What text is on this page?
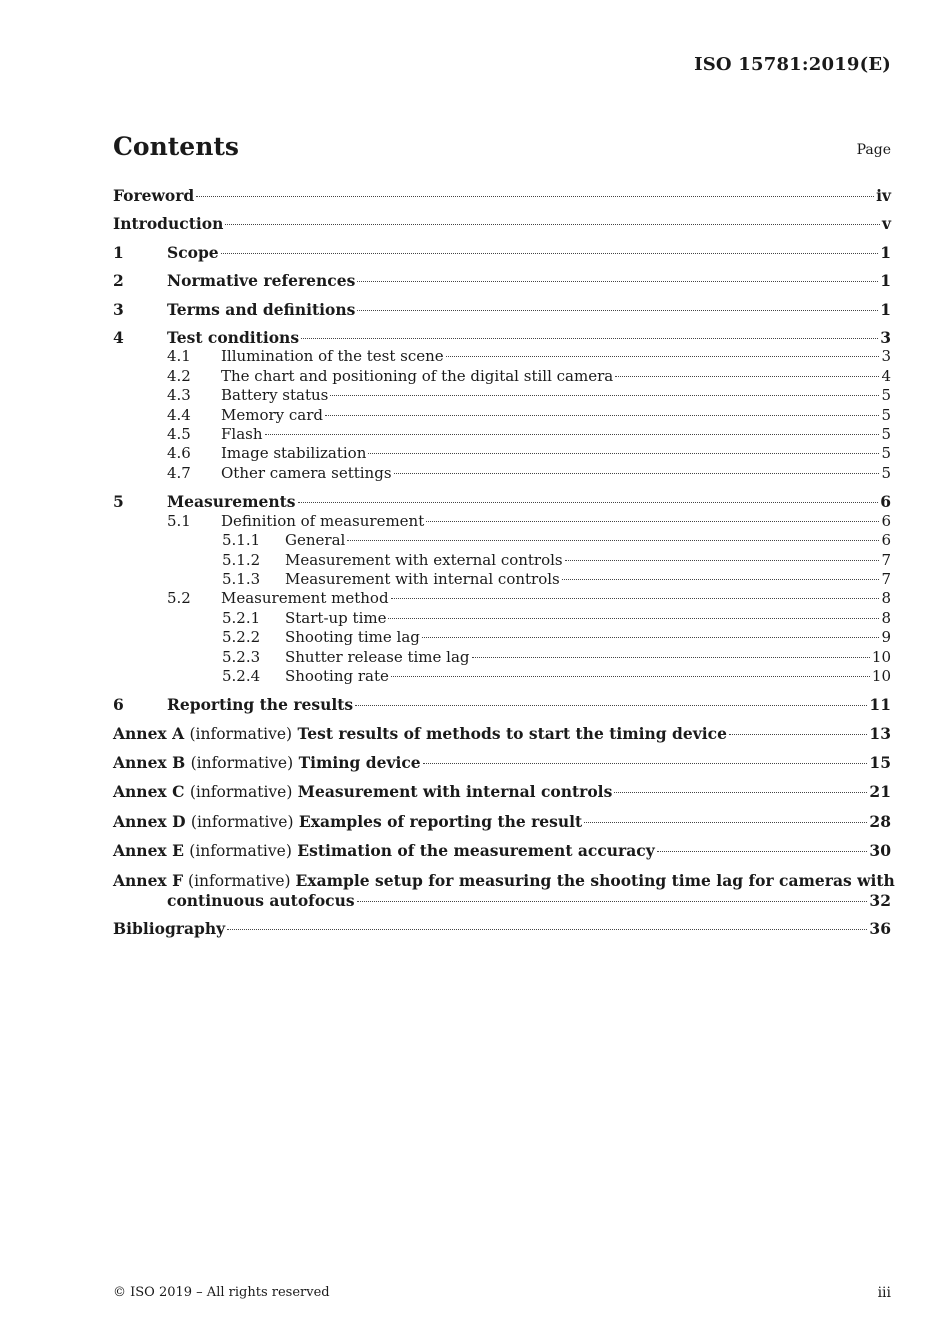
ISO 15781:2019(E)
Contents	Page
Foreword	iv
Introduction	v
1	Scope	1
2	Normative references	1
3	Terms and definitions	1
4	Test conditions	3
4.1	Illumination of the test scene	3
4.2	The chart and positioning of the digital still camera	4
4.3	Battery status	5
4.4	Memory card	5
4.5	Flash	5
4.6	Image stabilization	5
4.7	Other camera settings	5
5	Measurements	6
5.1	Definition of measurement	6
5.1.1	General	6
5.1.2	Measurement with external controls	7
5.1.3	Measurement with internal controls	7
5.2	Measurement method	8
5.2.1	Start-up time	8
5.2.2	Shooting time lag	9
5.2.3	Shutter release time lag	10
5.2.4	Shooting rate	10
6	Reporting the results	11
Annex A (informative) Test results of methods to start the timing device	13
Annex B (informative) Timing device	15
Annex C (informative) Measurement with internal controls	21
Annex D (informative) Examples of reporting the result	28
Annex E (informative) Estimation of the measurement accuracy	30
Annex F (informative) Example setup for measuring the shooting time lag for cameras with
continuous autofocus	32
Bibliography	36
© ISO 2019 – All rights reserved	iii
